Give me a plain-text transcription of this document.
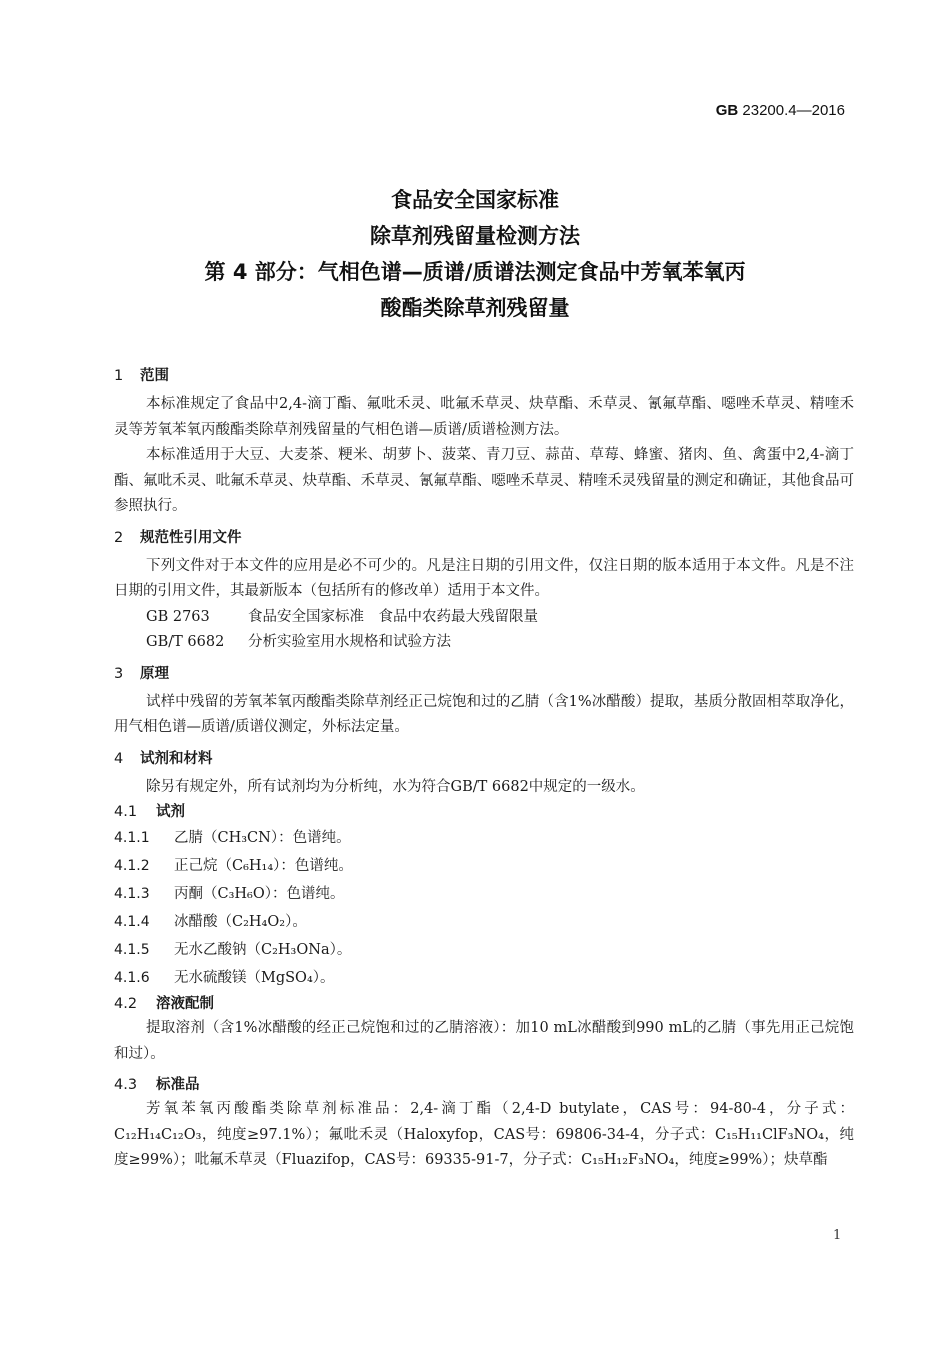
GB 23200.4—2016
食品安全国家标准
除草剂残留量检测方法
第 4 部分：气相色谱—质谱/质谱法测定食品中芳氧苯氧丙
酸酯类除草剂残留量
1 范围

本标准规定了食品中2,4-滴丁酯、氟吡禾灵、吡氟禾草灵、炔草酯、禾草灵、氰氟草酯、噁唑禾草灵、精喹禾灵等芳氧苯氧丙酸酯类除草剂残留量的气相色谱—质谱/质谱检测方法。

本标准适用于大豆、大麦茶、粳米、胡萝卜、菠菜、青刀豆、蒜苗、草莓、蜂蜜、猪肉、鱼、禽蛋中2,4-滴丁酯、氟吡禾灵、吡氟禾草灵、炔草酯、禾草灵、氰氟草酯、噁唑禾草灵、精喹禾灵残留量的测定和确证，其他食品可参照执行。

2 规范性引用文件

下列文件对于本文件的应用是必不可少的。凡是注日期的引用文件，仅注日期的版本适用于本文件。凡是不注日期的引用文件，其最新版本（包括所有的修改单）适用于本文件。

GB 2763	食品安全国家标准　食品中农药最大残留限量
GB/T 6682 分析实验室用水规格和试验方法
3 原理

试样中残留的芳氧苯氧丙酸酯类除草剂经正己烷饱和过的乙腈（含1%冰醋酸）提取，基质分散固相萃取净化，用气相色谱—质谱/质谱仪测定，外标法定量。

4 试剂和材料

除另有规定外，所有试剂均为分析纯，水为符合GB/T 6682中规定的一级水。

4.1 试剂
4.1.1 乙腈（CH₃CN）：色谱纯。
4.1.2 正己烷（C₆H₁₄）：色谱纯。
4.1.3 丙酮（C₃H₆O）：色谱纯。
4.1.4 冰醋酸（C₂H₄O₂）。
4.1.5 无水乙酸钠（C₂H₃ONa）。
4.1.6 无水硫酸镁（MgSO₄）。
4.2 溶液配制

提取溶剂（含1%冰醋酸的经正己烷饱和过的乙腈溶液）：加10 mL冰醋酸到990 mL的乙腈（事先用正己烷饱和过）。

4.3 标准品

芳氧苯氧丙酸酯类除草剂标准品：2,4-滴丁酯（2,4-D butylate，CAS号：94-80-4，分子式：C₁₂H₁₄C₁₂O₃，纯度≥97.1%）；氟吡禾灵（Haloxyfop，CAS号：69806-34-4，分子式：C₁₅H₁₁ClF₃NO₄，纯度≥99%）；吡氟禾草灵（Fluazifop，CAS号：69335-91-7，分子式：C₁₅H₁₂F₃NO₄，纯度≥99%）；炔草酯

1
